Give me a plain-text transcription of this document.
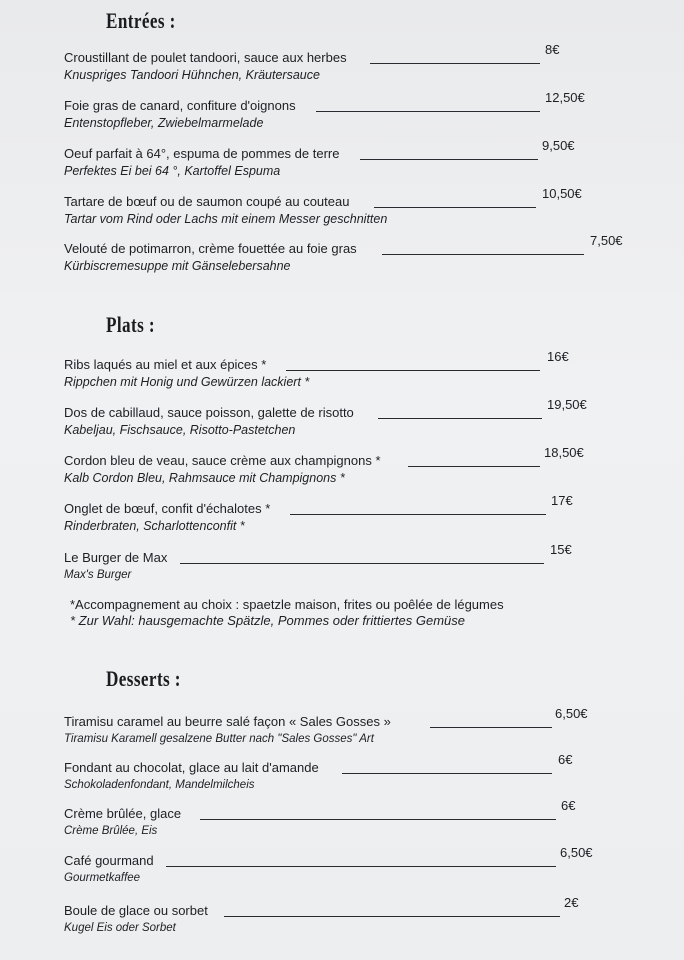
Entrées :
Croustillant de poulet tandoori, sauce aux herbes
8€
Knuspriges Tandoori Hühnchen, Kräutersauce
Foie gras de canard, confiture d'oignons
12,50€
Entenstopfleber, Zwiebelmarmelade
Oeuf parfait à 64°, espuma de pommes de terre
9,50€
Perfektes Ei bei 64 °, Kartoffel Espuma
Tartare de bœuf ou de saumon coupé au couteau
10,50€
Tartar vom Rind oder Lachs mit einem Messer geschnitten
Velouté de potimarron, crème fouettée au foie gras
7,50€
Kürbiscremesuppe mit Gänselebersahne
Plats :
Ribs laqués au miel et aux épices *
16€
Rippchen mit Honig und Gewürzen lackiert *
Dos de cabillaud, sauce poisson, galette de risotto
19,50€
Kabeljau, Fischsauce, Risotto-Pastetchen
Cordon bleu de veau, sauce crème aux champignons *
18,50€
Kalb Cordon Bleu, Rahmsauce mit Champignons *
Onglet de bœuf, confit d'échalotes *
17€
Rinderbraten, Scharlottenconfit *
Le Burger de Max
15€
Max's Burger
*Accompagnement au choix : spaetzle maison, frites ou poêlée de légumes
* Zur Wahl: hausgemachte Spätzle, Pommes oder frittiertes Gemüse
Desserts :
Tiramisu caramel au beurre salé façon « Sales Gosses »
6,50€
Tiramisu Karamell gesalzene Butter nach "Sales Gosses" Art
Fondant au chocolat, glace au lait d'amande
6€
Schokoladenfondant, Mandelmilcheis
Crème brûlée, glace
6€
Crème Brûlée, Eis
Café gourmand
6,50€
Gourmetkaffee
Boule de glace ou sorbet
2€
Kugel Eis oder Sorbet
